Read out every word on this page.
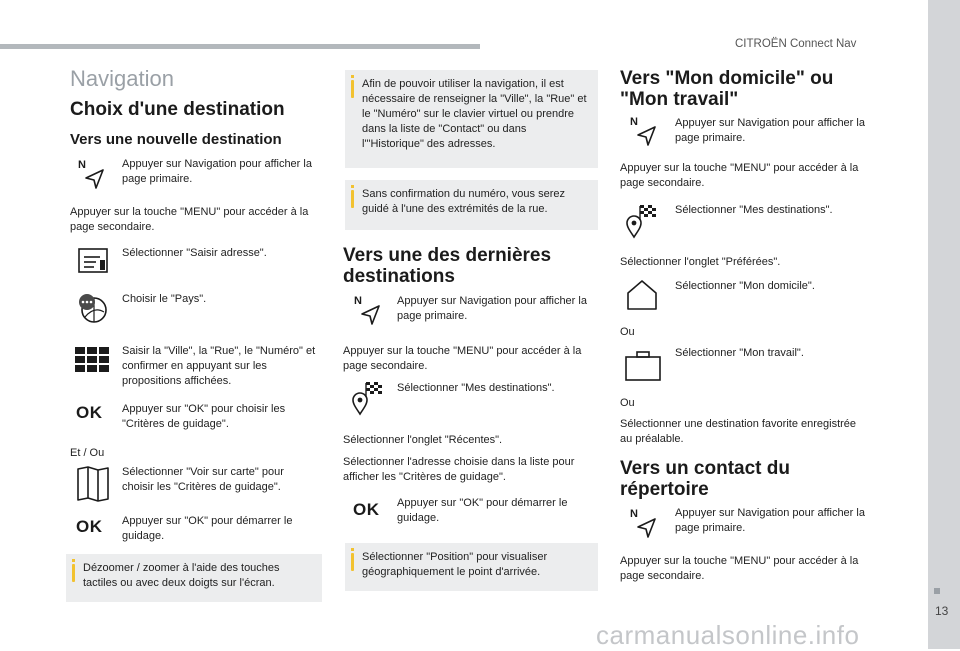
CITROËN Connect Nav
13
carmanualsonline.info
Navigation
Choix d'une destination
Vers une nouvelle destination
N	Appuyer sur Navigation pour afficher la page primaire.
Appuyer sur la touche "MENU" pour accéder à la page secondaire.
Sélectionner "Saisir adresse".
Choisir le "Pays".
Saisir la "Ville", la "Rue", le "Numéro" et confirmer en appuyant sur les propositions affichées.
OK Appuyer sur "OK" pour choisir les "Critères de guidage".
Et / Ou
Sélectionner "Voir sur carte" pour choisir les "Critères de guidage".
OK Appuyer sur "OK" pour démarrer le guidage.
Dézoomer / zoomer à l'aide des touches tactiles ou avec deux doigts sur l'écran.
Afin de pouvoir utiliser la navigation, il est nécessaire de renseigner la "Ville", la "Rue" et le "Numéro" sur le clavier virtuel ou prendre dans la liste de "Contact" ou dans l'"Historique" des adresses.
Sans confirmation du numéro, vous serez guidé à l'une des extrémités de la rue.
Vers une des dernières destinations
N	Appuyer sur Navigation pour afficher la page primaire.
Appuyer sur la touche "MENU" pour accéder à la page secondaire.
Sélectionner "Mes destinations".
Sélectionner l'onglet "Récentes".
Sélectionner l'adresse choisie dans la liste pour afficher les "Critères de guidage".
OK Appuyer sur "OK" pour démarrer le guidage.
Sélectionner "Position" pour visualiser géographiquement le point d'arrivée.
Vers "Mon domicile" ou "Mon travail"
N	Appuyer sur Navigation pour afficher la page primaire.
Appuyer sur la touche "MENU" pour accéder à la page secondaire.
Sélectionner "Mes destinations".
Sélectionner l'onglet "Préférées".
Sélectionner "Mon domicile".
Ou
Sélectionner "Mon travail".
Ou
Sélectionner une destination favorite enregistrée au préalable.
Vers un contact du répertoire
N	Appuyer sur Navigation pour afficher la page primaire.
Appuyer sur la touche "MENU" pour accéder à la page secondaire.
